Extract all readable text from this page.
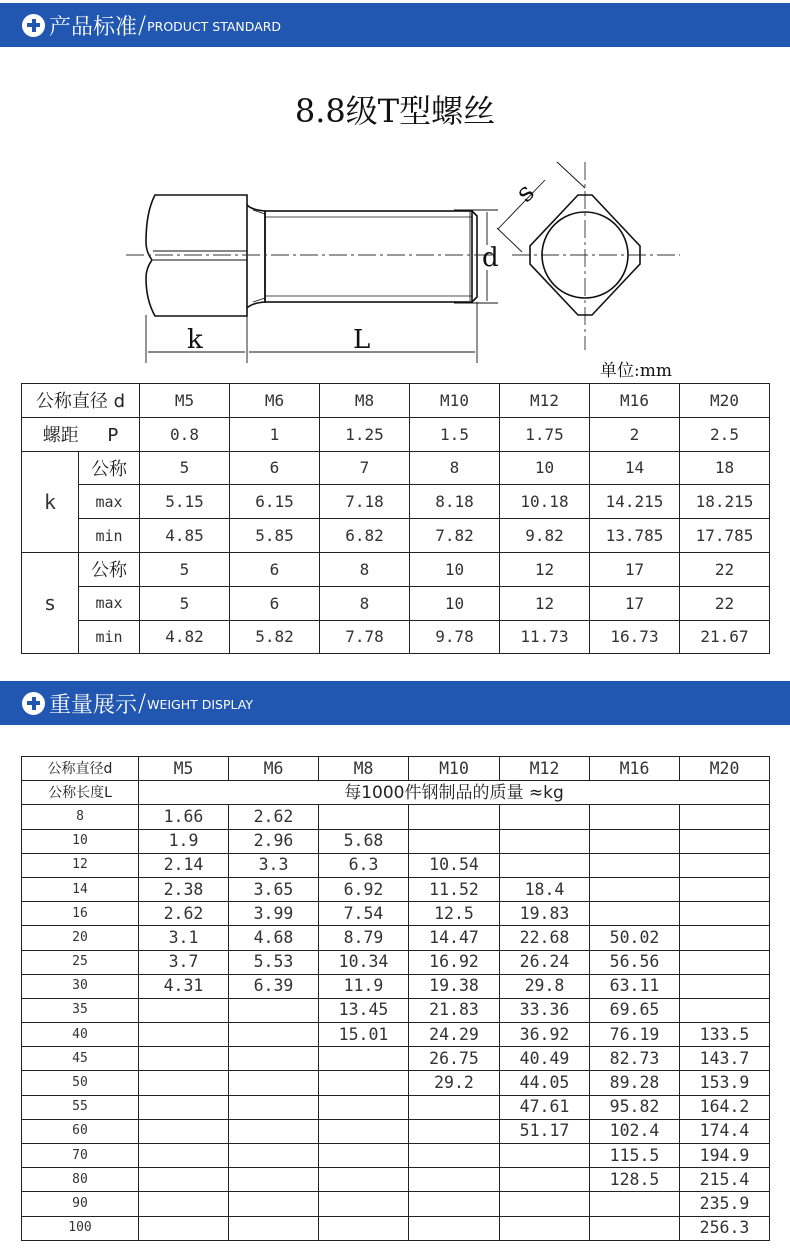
产品标准 / PRODUCT STANDARD
8.8级T型螺丝
k	L
d
s
单位:mm
公称直径 d		M5	M6	M8	M10	M12	M16	M20
螺距 P		0.8	1	1.25	1.5	1.75	2	2.5
k	公称	5	6	7	8	10	14	18
	max	5.15	6.15	7.18	8.18	10.18	14.215	18.215
	min	4.85	5.85	6.82	7.82	9.82	13.785	17.785
s	公称	5	6	8	10	12	17	22
	max	5	6	8	10	12	17	22
	min	4.82	5.82	7.78	9.78	11.73	16.73	21.67
重量展示 / WEIGHT DISPLAY
公称直径d	M5	M6	M8	M10	M12	M16	M20
公称长度L	每1000件钢制品的质量 ≈kg						
8	1.66	2.62					
10	1.9	2.96	5.68				
12	2.14	3.3	6.3	10.54			
14	2.38	3.65	6.92	11.52	18.4		
16	2.62	3.99	7.54	12.5	19.83		
20	3.1	4.68	8.79	14.47	22.68	50.02	
25	3.7	5.53	10.34	16.92	26.24	56.56	
30	4.31	6.39	11.9	19.38	29.8	63.11	
35			13.45	21.83	33.36	69.65	
40			15.01	24.29	36.92	76.19	133.5
45				26.75	40.49	82.73	143.7
50				29.2	44.05	89.28	153.9
55					47.61	95.82	164.2
60					51.17	102.4	174.4
70						115.5	194.9
80						128.5	215.4
90							235.9
100							256.3
